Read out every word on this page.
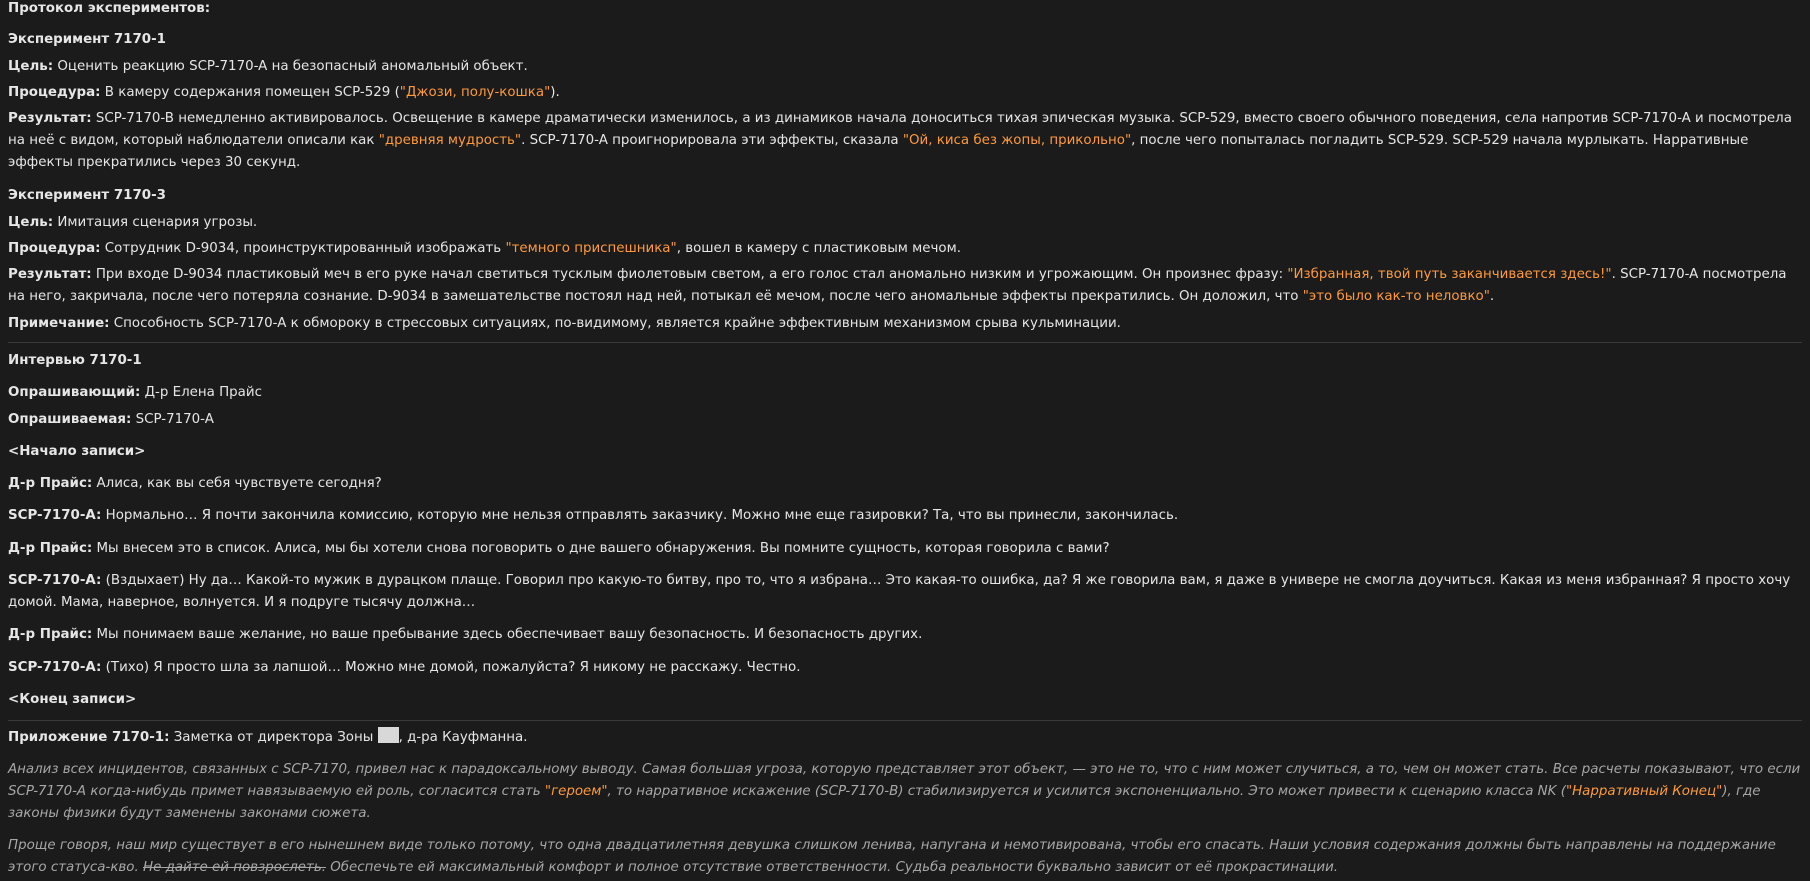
Протокол экспериментов:
Эксперимент 7170-1
Цель: Оценить реакцию SCP-7170-A на безопасный аномальный объект.
Процедура: В камеру содержания помещен SCP-529 ("Джози, полу-кошка").
Результат: SCP-7170-B немедленно активировалось. Освещение в камере драматически изменилось, а из динамиков начала доноситься тихая эпическая музыка. SCP-529, вместо своего обычного поведения, села напротив SCP-7170-A и посмотрела на неё с видом, который наблюдатели описали как "древняя мудрость". SCP-7170-A проигнорировала эти эффекты, сказала "Ой, киса без жопы, прикольно", после чего попыталась погладить SCP-529. SCP-529 начала мурлыкать. Нарративные эффекты прекратились через 30 секунд.
Эксперимент 7170-3
Цель: Имитация сценария угрозы.
Процедура: Сотрудник D-9034, проинструктированный изображать "темного приспешника", вошел в камеру с пластиковым мечом.
Результат: При входе D-9034 пластиковый меч в его руке начал светиться тусклым фиолетовым светом, а его голос стал аномально низким и угрожающим. Он произнес фразу: "Избранная, твой путь заканчивается здесь!". SCP-7170-A посмотрела на него, закричала, после чего потеряла сознание. D-9034 в замешательстве постоял над ней, потыкал её мечом, после чего аномальные эффекты прекратились. Он доложил, что "это было как-то неловко".
Примечание: Способность SCP-7170-A к обмороку в стрессовых ситуациях, по-видимому, является крайне эффективным механизмом срыва кульминации.
Интервью 7170-1
Опрашивающий: Д-р Елена Прайс
Опрашиваемая: SCP-7170-A
<Начало записи>
Д-р Прайс: Алиса, как вы себя чувствуете сегодня?
SCP-7170-A: Нормально… Я почти закончила комиссию, которую мне нельзя отправлять заказчику. Можно мне еще газировки? Та, что вы принесли, закончилась.
Д-р Прайс: Мы внесем это в список. Алиса, мы бы хотели снова поговорить о дне вашего обнаружения. Вы помните сущность, которая говорила с вами?
SCP-7170-A: (Вздыхает) Ну да… Какой-то мужик в дурацком плаще. Говорил про какую-то битву, про то, что я избрана… Это какая-то ошибка, да? Я же говорила вам, я даже в универе не смогла доучиться. Какая из меня избранная? Я просто хочу домой. Мама, наверное, волнуется. И я подруге тысячу должна…
Д-р Прайс: Мы понимаем ваше желание, но ваше пребывание здесь обеспечивает вашу безопасность. И безопасность других.
SCP-7170-A: (Тихо) Я просто шла за лапшой… Можно мне домой, пожалуйста? Я никому не расскажу. Честно.
<Конец записи>
Приложение 7170-1: Заметка от директора Зоны , д-ра Кауфманна.
Анализ всех инцидентов, связанных с SCP-7170, привел нас к парадоксальному выводу. Самая большая угроза, которую представляет этот объект, — это не то, что с ним может случиться, а то, чем он может стать. Все расчеты показывают, что если SCP-7170-A когда-нибудь примет навязываемую ей роль, согласится стать "героем", то нарративное искажение (SCP-7170-B) стабилизируется и усилится экспоненциально. Это может привести к сценарию класса NK ("Нарративный Конец"), где законы физики будут заменены законами сюжета.
Проще говоря, наш мир существует в его нынешнем виде только потому, что одна двадцатилетняя девушка слишком ленива, напугана и немотивирована, чтобы его спасать. Наши условия содержания должны быть направлены на поддержание этого статуса-кво. Не дайте ей повзрослеть. Обеспечьте ей максимальный комфорт и полное отсутствие ответственности. Судьба реальности буквально зависит от её прокрастинации.
